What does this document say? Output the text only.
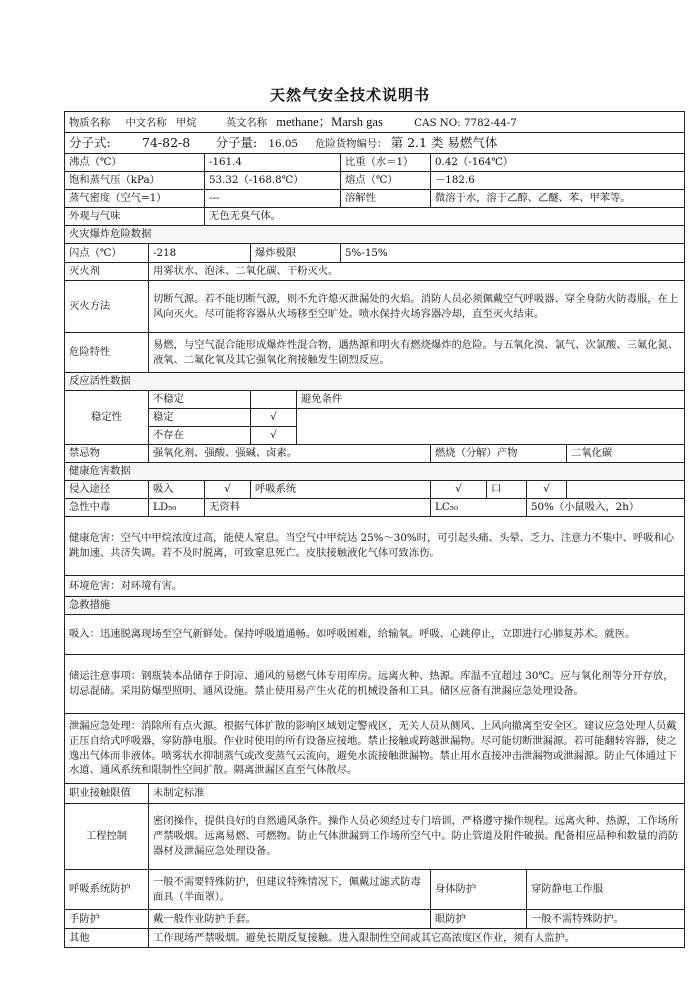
天然气安全技术说明书
物质名称 中文名称 甲烷 英文名称 methane；Marsh gas CAS NO: 7782-44-7									
分子式: 74-82-8 分子量: 16.05 危险货物编号： 第 2.1 类 易燃气体									
沸点（℃）		-161.4			比重（水＝1）	0.42（-164℃）			
饱和蒸气压（kPa）		53.32（-168.8℃）			熔点（℃）	－182.6			
蒸气密度（空气=1）		---			溶解性	微溶于水，溶于乙醇、乙醚、苯、甲苯等。			
外观与气味		无色无臭气体。							
火灾爆炸危险数据									
闪点（℃）	-218		爆炸极限		5%-15%				
灭火剂	用雾状水、泡沫、二氧化碳、干粉灭火。								
灭火方法	切断气源。若不能切断气源，则不允许熄灭泄漏处的火焰。消防人员必须佩戴空气呼吸器、穿全身防火防毒服，在上风向灭火。尽可能将容器从火场移至空旷处。喷水保持火场容器冷却，直至灭火结束。								
危险特性	易燃，与空气混合能形成爆炸性混合物，遇热源和明火有燃烧爆炸的危险。与五氧化溴、氯气、次氯酸、三氟化氮、液氧、二氟化氧及其它强氧化剂接触发生剧烈反应。								
反应活性数据									
稳定性	不稳定			避免条件					
	稳定		√						
	不存在		√						
禁忌物	强氧化剂、强酸、强碱、卤素。					燃烧（分解）产物			二氧化碳
健康危害数据									
侵入途径	吸入	√	呼吸系统			√	口	√	
急性中毒	LD₅₀	无资料				LC₅₀		50%（小鼠吸入，2h）	
健康危害：空气中甲烷浓度过高，能使人窒息。当空气中甲烷达 25%～30%时，可引起头痛、头晕、乏力、注意力不集中、呼吸和心跳加速、共济失调。若不及时脱离，可致窒息死亡。皮肤接触液化气体可致冻伤。									
环境危害：对环境有害。									
急救措施									
吸入：迅速脱离现场至空气新鲜处。保持呼吸道通畅。如呼吸困难，给输氧。呼吸、心跳停止，立即进行心肺复苏术。就医。									
储运注意事项：钢瓶装本品储存于阴凉、通风的易燃气体专用库房。远离火种、热源。库温不宜超过 30℃。应与氧化剂等分开存放，切忌混储。采用防爆型照明、通风设施。禁止使用易产生火花的机械设备和工具。储区应备有泄漏应急处理设备。									
泄漏应急处理：消除所有点火源。根据气体扩散的影响区域划定警戒区，无关人员从侧风、上风向撤离至安全区。建议应急处理人员戴正压自给式呼吸器，穿防静电服。作业时使用的所有设备应接地。禁止接触或跨越泄漏物。尽可能切断泄漏源。若可能翻转容器，使之逸出气体而非液体。喷雾状水抑制蒸气或改变蒸气云流向，避免水流接触泄漏物。禁止用水直接冲击泄漏物或泄漏源。防止气体通过下水道、通风系统和限制性空间扩散。隔离泄漏区直至气体散尽。									
职业接触限值	未制定标准								
工程控制	密闭操作，提供良好的自然通风条件。操作人员必须经过专门培训，严格遵守操作规程。远离火种、热源，工作场所严禁吸烟。远离易燃、可燃物。防止气体泄漏到工作场所空气中。防止管道及附件破损。配备相应品种和数量的消防器材及泄漏应急处理设备。								
呼吸系统防护	一般不需要特殊防护，但建议特殊情况下，佩戴过滤式防毒面具（半面罩）。					身体防护		穿防静电工作服	
手防护	戴一般作业防护手套。					眼防护		一般不需特殊防护。	
其他	工作现场严禁吸烟。避免长期反复接触。进入限制性空间或其它高浓度区作业，须有人监护。								
